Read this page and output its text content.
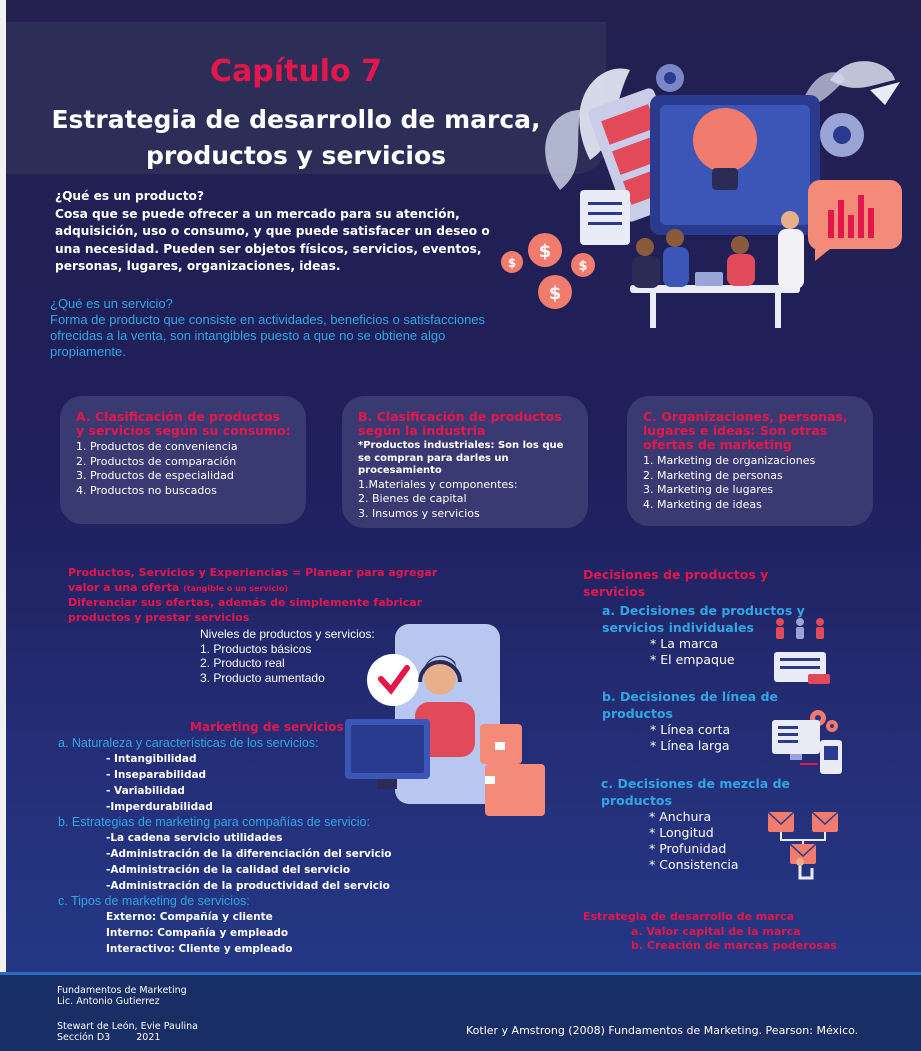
Capítulo 7
Estrategia de desarrollo de marca,
productos y servicios
$
$	$
$
¿Qué es un producto?
Cosa que se puede ofrecer a un mercado para su atención,
adquisición, uso o consumo, y que puede satisfacer un deseo o
una necesidad. Pueden ser objetos físicos, servicios, eventos,
personas, lugares, organizaciones, ideas.
¿Qué es un servicio?
Forma de producto que consiste en actividades, beneficios o satisfacciones
ofrecidas a la venta, son intangibles puesto a que no se obtiene algo
propiamente.
A. Clasificación de productos y servicios según su consumo:
1. Productos de conveniencia
2. Productos de comparación
3. Productos de especialidad
4. Productos no buscados
B. Clasificación de productos según la industria
*Productos industriales: Son los que se compran para darles un procesamiento
1.Materiales y componentes:
2. Bienes de capital
3. Insumos y servicios
C. Organizaciones, personas, lugares e ideas: Son otras ofertas de marketing
1. Marketing de organizaciones
2. Marketing de personas
3. Marketing de lugares
4. Marketing de ideas
Productos, Servicios y Experiencias = Planear para agregar
valor a una oferta (tangible o un servicio)
Diferenciar sus ofertas, además de simplemente fabricar
productos y prestar servicios
Niveles de productos y servicios:
1. Productos básicos
2. Producto real
3. Producto aumentado
Marketing de servicios
a. Naturaleza y características de los servicios:
- Intangibilidad
- Inseparabilidad
- Variabilidad
-Imperdurabilidad
b. Estrategias de marketing para compañías de servicio:
-La cadena servicio utilidades
-Administración de la diferenciación del servicio
-Administración de la calidad del servicio
-Administración de la productividad del servicio
c. Tipos de marketing de servicios:
Externo: Compañía y cliente
Interno: Compañía y empleado
Interactivo: Cliente y empleado
Decisiones de productos y
servicios
a. Decisiones de productos y
servicios individuales
* La marca
* El empaque
b. Decisiones de línea de
productos
* Línea corta
* Línea larga
c. Decisiones de mezcla de
productos
* Anchura
* Longitud
* Profunidad
* Consistencia
Estrategia de desarrollo de marca
a. Valor capital de la marca
b. Creación de marcas poderosas
Fundamentos de Marketing
Lic. Antonio Gutierrez
Stewart de León, Evie Paulina
Sección D3	2021
Kotler y Amstrong (2008) Fundamentos de Marketing. Pearson: México.
